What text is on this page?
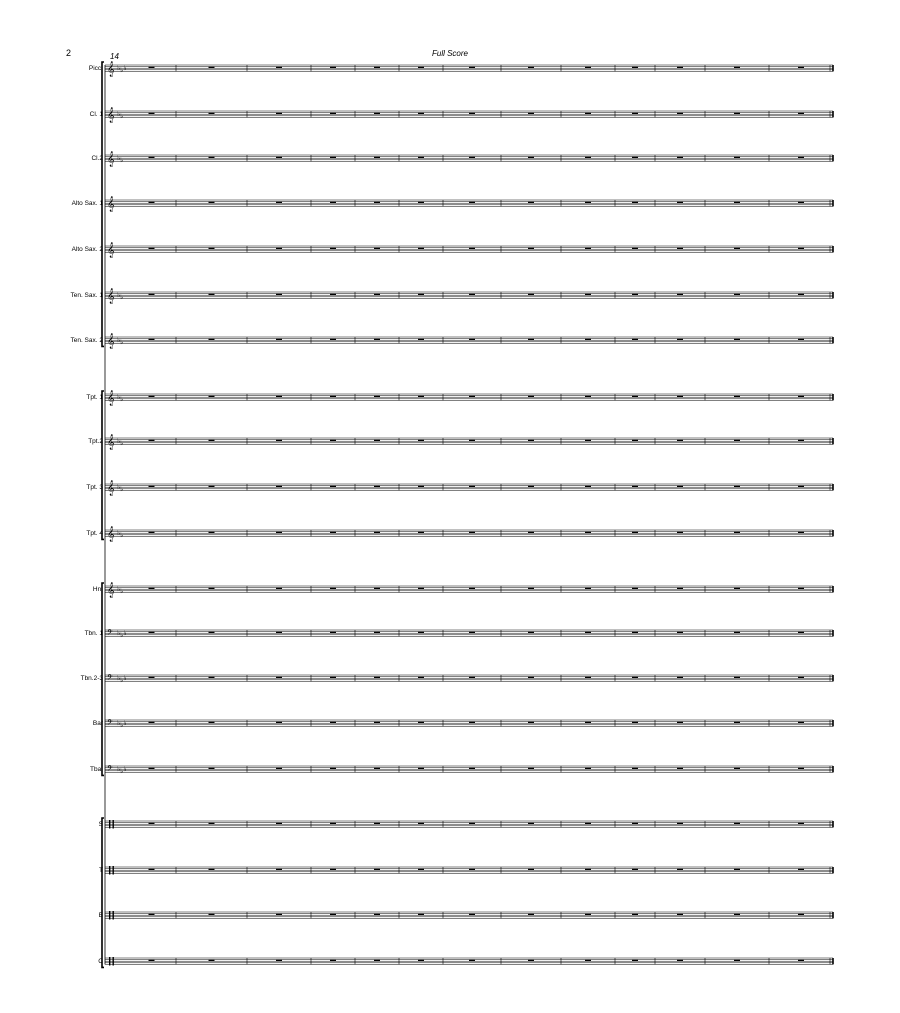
2	14	Full Score
Picc.
Cl. 1
Cl.2
Alto Sax. 1
Alto Sax. 2
Ten. Sax. 1
Ten. Sax. 2
Tpt. 1
Tpt.2
Tpt. 3
Tpt. 4
Hn.
Tbn. 1
Tbn.2-3
Bar
Tba.
S
T
B
C
𝄞 ♭ ♭ ♭
𝄞 ♭ ♭
𝄞 ♭ ♭
𝄞
𝄞
𝄞 ♭ ♭
𝄞 ♭ ♭
𝄞 ♭ ♭
𝄞 ♭ ♭
𝄞 ♭ ♭
𝄞 ♭ ♭
𝄞 ♭ ♭
𝄢 ♭ ♭ ♭
𝄢 ♭ ♭ ♭
𝄢 ♭ ♭ ♭
𝄢 ♭ ♭ ♭
